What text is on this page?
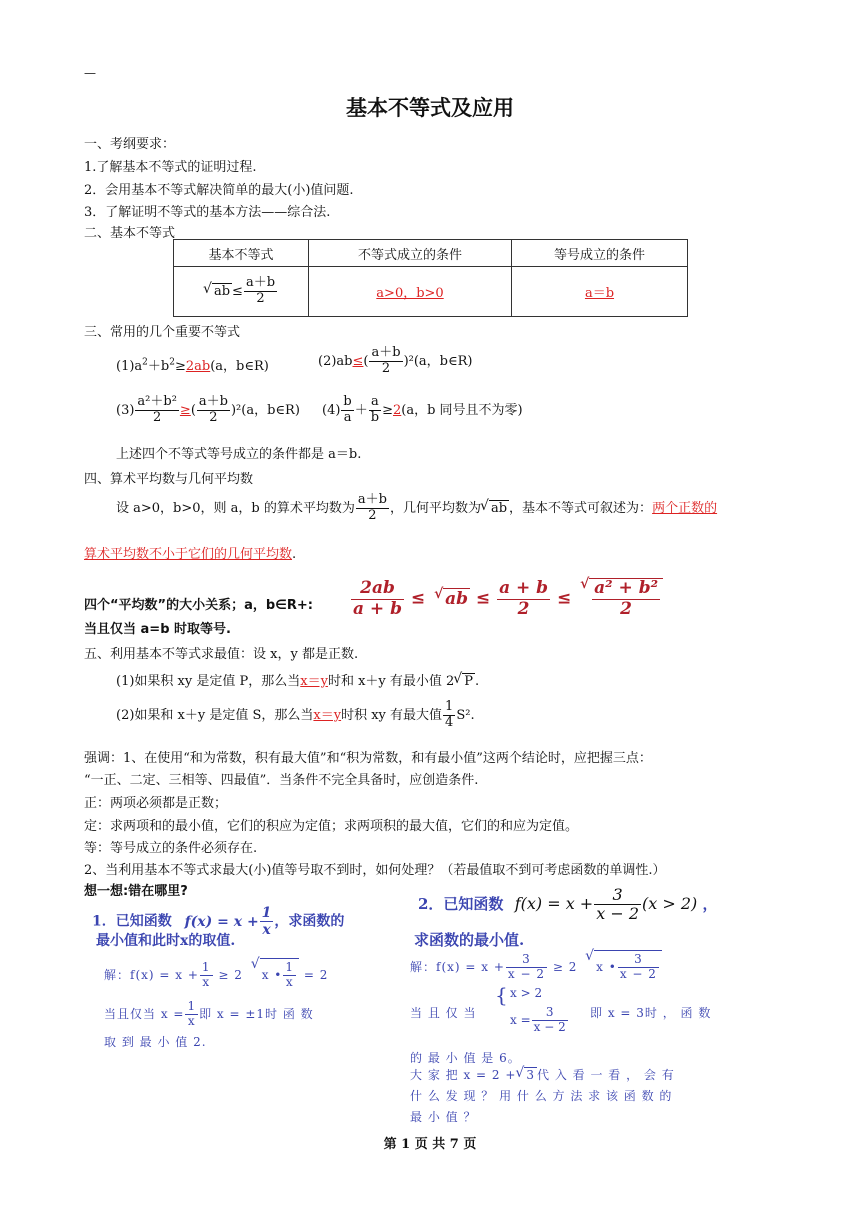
—
基本不等式及应用
一、考纲要求：
1.了解基本不等式的证明过程.
2．会用基本不等式解决简单的最大(小)值问题.
3．了解证明不等式的基本方法——综合法.
二、基本不等式
基本不等式	不等式成立的条件	等号成立的条件
√ ab ≤ $\frac{a+b}{2}$	a>0，b>0	a＝b
三、常用的几个重要不等式
$(1)a^2+b^2\ge 2ab(a$，b∈R)	$(2)ab\le( \frac{a+b}{2} )^2(a$，b∈R)
$(3) \frac{\text{a²＋b²}}{2}$ ≥( $\frac{a+b}{2} )^2(a$，b∈R) $(4) \frac{b}{a} + \frac{a}{b} \ge 2(a$，b 同号且不为零)
上述四个不等式等号成立的条件都是 a＝b.
四、算术平均数与几何平均数
设 a>0，b>0，则 a，b 的算术平均数为 $\frac{a+b}{2}$ ，几何平均数为 √ ab ，基本不等式可叙述为：两个正数的
算术平均数不小于它们的几何平均数.
四个“平均数”的大小关系；a，b∈R+: $\frac{2ab}{a + b}$ ≤ √ ab ≤ $\frac{a + b}{2}$ ≤ √ $\frac{\text{a² + b²}}{2}$
当且仅当 a=b 时取等号.
五、利用基本不等式求最值：设 x，y 都是正数.
(1)如果积 xy 是定值 P，那么当x＝y时和 x＋y 有最小值 2 √ P .
(2)如果和 x＋y 是定值 S，那么当x＝y时积 xy 有最大值 $\frac{1}{4} S^2$.
强调：1、在使用“和为常数，积有最大值”和“积为常数，和有最小值”这两个结论时，应把握三点：
“一正、二定、三相等、四最值”．当条件不完全具备时，应创造条件.
正：两项必须都是正数；
定：求两项和的最小值，它们的积应为定值；求两项积的最大值，它们的和应为定值。
等：等号成立的条件必须存在.
2、当利用基本不等式求最大(小)值等号取不到时，如何处理？（若最值取不到可考虑函数的单调性.）
想一想:错在哪里?
1．已知函数 $f(x) = x + \frac{1}{x}$ ，求函数的
最小值和此时x的取值.
解：$f(x) = x + \frac{1}{x} \ge 2$ √ x • $\frac{1}{x} = 2$
当且仅当 $x = \frac{1}{x}$ 即 x = ±1时 函 数
取 到 最 小 值 2.
2．已知函数 $f(x) = x + \frac{3}{x - 2} (x > 2)$ ，
求函数的最小值.
解：$f(x) = x + \frac{3}{x - 2} \ge 2$ √ x • $\frac{3}{x - 2}$
当 且 仅 当
{ x > 2
$x = \frac{3}{x - 2}$ 即 x = 3时 ， 函 数
的 最 小 值 是 6。
大 家 把 x = 2 + √ 3 代 入 看 一 看 ， 会 有
什 么 发 现 ？ 用 什 么 方 法 求 该 函 数 的
最 小 值 ？
第 1 页 共 7 页
